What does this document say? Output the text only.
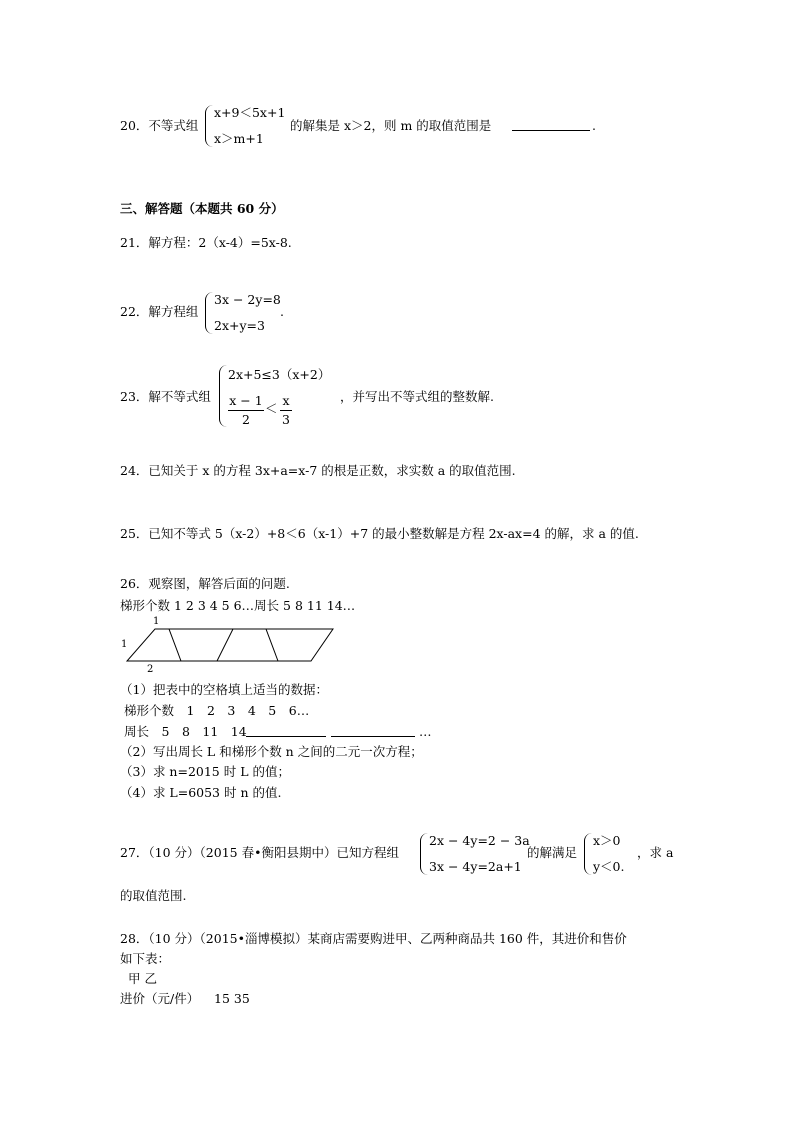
20．不等式组
x+9＜5x+1
x＞m+1
的解集是 x＞2，则 m 的取值范围是	.
三、解答题（本题共 60 分）
21．解方程：2（x-4）=5x-8.
22．解方程组
3x − 2y=8
2x+y=3
.
23．解不等式组
2x+5≤3（x+2）
x − 1
2
＜
x
3
，并写出不等式组的整数解.
24．已知关于 x 的方程 3x+a=x-7 的根是正数，求实数 a 的取值范围.
25．已知不等式 5（x-2）+8＜6（x-1）+7 的最小整数解是方程 2x-ax=4 的解，求 a 的值.
26．观察图，解答后面的问题.
梯形个数 1 2 3 4 5 6…周长 5 8 11 14…
1
1
2
（1）把表中的空格填上适当的数据：
梯形个数　1　2　3　4　5　6…
周长　5　8　11　14	…
（2）写出周长 L 和梯形个数 n 之间的二元一次方程；
（3）求 n=2015 时 L 的值；
（4）求 L=6053 时 n 的值.
27．（10 分）（2015 春•衡阳县期中）已知方程组
2x − 4y=2 − 3a
3x − 4y=2a+1
的解满足
x＞0
y＜0.
，求 a
的取值范围.
28．（10 分）（2015•淄博模拟）某商店需要购进甲、乙两种商品共 160 件，其进价和售价
如下表：
甲 乙
进价（元/件） 15 35
